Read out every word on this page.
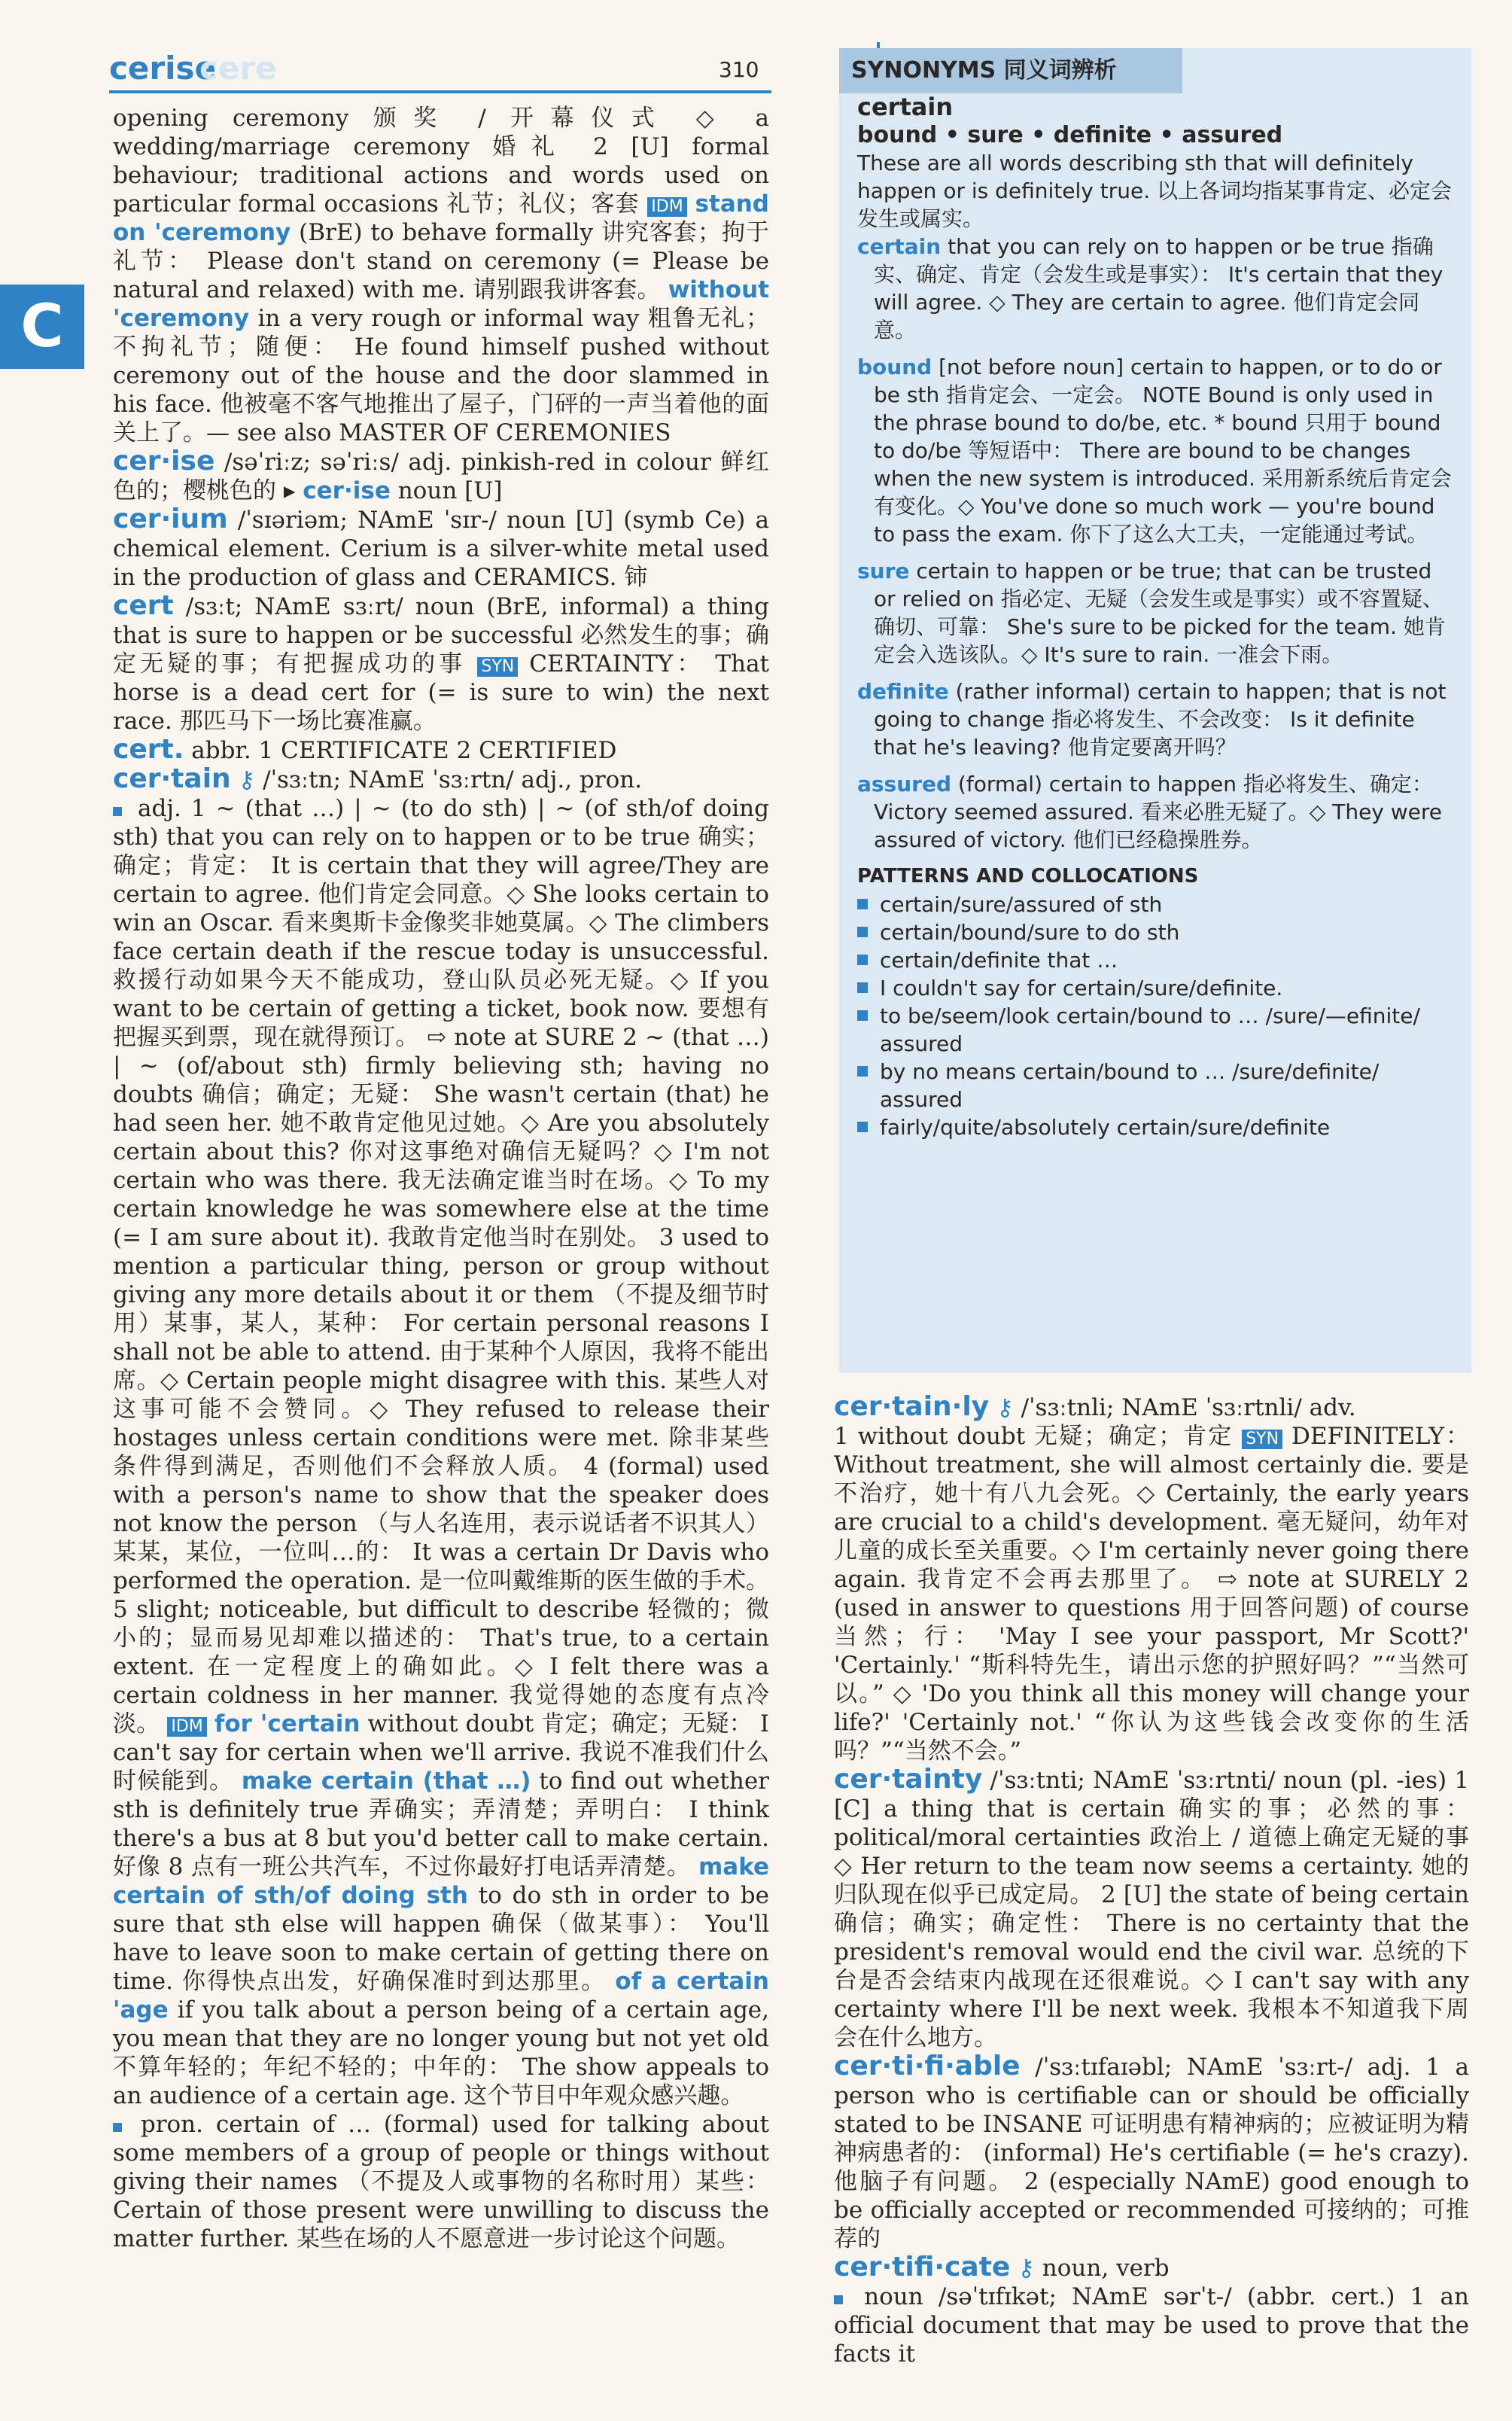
cerise
cere	310
C

opening ceremony 颁奖 / 开幕仪式 ◇ a wedding/marriage ceremony 婚礼 2 [U] formal behaviour; traditional actions and words used on particular formal occasions 礼节；礼仪；客套 IDM stand on 'ceremony (BrE) to behave formally 讲究客套；拘于礼节： Please don't stand on ceremony (= Please be natural and relaxed) with me. 请别跟我讲客套。 without 'ceremony in a very rough or informal way 粗鲁无礼；不拘礼节；随便： He found himself pushed without ceremony out of the house and the door slammed in his face. 他被毫不客气地推出了屋子，门砰的一声当着他的面关上了。— see also MASTER OF CEREMONIES

cer·ise /səˈriːz; səˈriːs/ adj. pinkish-red in colour 鲜红色的；樱桃色的 ▸ cer·ise noun [U]

cer·ium /ˈsɪəriəm; NAmE ˈsɪr-/ noun [U] (symb Ce) a chemical element. Cerium is a silver-white metal used in the production of glass and CERAMICS. 铈

cert /sɜːt; NAmE sɜːrt/ noun (BrE, informal) a thing that is sure to happen or be successful 必然发生的事；确定无疑的事；有把握成功的事 SYN CERTAINTY： That horse is a dead cert for (= is sure to win) the next race. 那匹马下一场比赛准赢。

cert. abbr. 1 CERTIFICATE 2 CERTIFIED

cer·tain ⚷ /ˈsɜːtn; NAmE ˈsɜːrtn/ adj., pron.

adj. 1 ~ (that …) | ~ (to do sth) | ~ (of sth/of doing sth) that you can rely on to happen or to be true 确实；确定；肯定： It is certain that they will agree/They are certain to agree. 他们肯定会同意。◇ She looks certain to win an Oscar. 看来奥斯卡金像奖非她莫属。◇ The climbers face certain death if the rescue today is unsuccessful. 救援行动如果今天不能成功，登山队员必死无疑。◇ If you want to be certain of getting a ticket, book now. 要想有把握买到票，现在就得预订。 ⇨ note at SURE 2 ~ (that …) | ~ (of/about sth) firmly believing sth; having no doubts 确信；确定；无疑： She wasn't certain (that) he had seen her. 她不敢肯定他见过她。◇ Are you absolutely certain about this? 你对这事绝对确信无疑吗？◇ I'm not certain who was there. 我无法确定谁当时在场。◇ To my certain knowledge he was somewhere else at the time (= I am sure about it). 我敢肯定他当时在别处。 3 used to mention a particular thing, person or group without giving any more details about it or them （不提及细节时用）某事，某人，某种： For certain personal reasons I shall not be able to attend. 由于某种个人原因，我将不能出席。◇ Certain people might disagree with this. 某些人对这事可能不会赞同。◇ They refused to release their hostages unless certain conditions were met. 除非某些条件得到满足，否则他们不会释放人质。 4 (formal) used with a person's name to show that the speaker does not know the person （与人名连用，表示说话者不识其人）某某，某位，一位叫…的： It was a certain Dr Davis who performed the operation. 是一位叫戴维斯的医生做的手术。 5 slight; noticeable, but difficult to describe 轻微的；微小的；显而易见却难以描述的： That's true, to a certain extent. 在一定程度上的确如此。◇ I felt there was a certain coldness in her manner. 我觉得她的态度有点冷淡。 IDM for 'certain without doubt 肯定；确定；无疑： I can't say for certain when we'll arrive. 我说不准我们什么时候能到。 make certain (that …) to find out whether sth is definitely true 弄确实；弄清楚；弄明白： I think there's a bus at 8 but you'd better call to make certain. 好像 8 点有一班公共汽车，不过你最好打电话弄清楚。 make certain of sth/of doing sth to do sth in order to be sure that sth else will happen 确保（做某事）： You'll have to leave soon to make certain of getting there on time. 你得快点出发，好确保准时到达那里。 of a certain 'age if you talk about a person being of a certain age, you mean that they are no longer young but not yet old 不算年轻的；年纪不轻的；中年的： The show appeals to an audience of a certain age. 这个节目中年观众感兴趣。

pron. certain of … (formal) used for talking about some members of a group of people or things without giving their names （不提及人或事物的名称时用）某些： Certain of those present were unwilling to discuss the matter further. 某些在场的人不愿意进一步讨论这个问题。

SYNONYMS 同义词辨析

certain

bound • sure • definite • assured

These are all words describing sth that will definitely happen or is definitely true. 以上各词均指某事肯定、必定会发生或属实。

certain that you can rely on to happen or be true 指确实、确定、肯定（会发生或是事实）： It's certain that they will agree. ◇ They are certain to agree. 他们肯定会同意。

bound [not before noun] certain to happen, or to do or be sth 指肯定会、一定会。 NOTE Bound is only used in the phrase bound to do/be, etc. * bound 只用于 bound to do/be 等短语中： There are bound to be changes when the new system is introduced. 采用新系统后肯定会有变化。◇ You've done so much work — you're bound to pass the exam. 你下了这么大工夫，一定能通过考试。

sure certain to happen or be true; that can be trusted or relied on 指必定、无疑（会发生或是事实）或不容置疑、确切、可靠： She's sure to be picked for the team. 她肯定会入选该队。◇ It's sure to rain. 一准会下雨。

definite (rather informal) certain to happen; that is not going to change 指必将发生、不会改变： Is it definite that he's leaving? 他肯定要离开吗？

assured (formal) certain to happen 指必将发生、确定： Victory seemed assured. 看来必胜无疑了。◇ They were assured of victory. 他们已经稳操胜券。

PATTERNS AND COLLOCATIONS

certain/sure/assured of sth

certain/bound/sure to do sth

certain/definite that …

I couldn't say for certain/sure/definite.

to be/seem/look certain/bound to … /sure/—efinite/ assured

by no means certain/bound to … /sure/definite/ assured

fairly/quite/absolutely certain/sure/definite

cer·tain·ly ⚷ /ˈsɜːtnli; NAmE ˈsɜːrtnli/ adv.

1 without doubt 无疑；确定；肯定 SYN DEFINITELY： Without treatment, she will almost certainly die. 要是不治疗，她十有八九会死。◇ Certainly, the early years are crucial to a child's development. 毫无疑问，幼年对儿童的成长至关重要。◇ I'm certainly never going there again. 我肯定不会再去那里了。 ⇨ note at SURELY 2 (used in answer to questions 用于回答问题) of course 当然；行： 'May I see your passport, Mr Scott?' 'Certainly.' “斯科特先生，请出示您的护照好吗？”“当然可以。” ◇ 'Do you think all this money will change your life?' 'Certainly not.' “你认为这些钱会改变你的生活吗？”“当然不会。”

cer·tainty /ˈsɜːtnti; NAmE ˈsɜːrtnti/ noun (pl. -ies) 1 [C] a thing that is certain 确实的事；必然的事： political/moral certainties 政治上 / 道德上确定无疑的事 ◇ Her return to the team now seems a certainty. 她的归队现在似乎已成定局。 2 [U] the state of being certain 确信；确实；确定性： There is no certainty that the president's removal would end the civil war. 总统的下台是否会结束内战现在还很难说。◇ I can't say with any certainty where I'll be next week. 我根本不知道我下周会在什么地方。

cer·ti·fi·able /ˈsɜːtɪfaɪəbl; NAmE ˈsɜːrt-/ adj. 1 a person who is certifiable can or should be officially stated to be INSANE 可证明患有精神病的；应被证明为精神病患者的： (informal) He's certifiable (= he's crazy). 他脑子有问题。 2 (especially NAmE) good enough to be officially accepted or recommended 可接纳的；可推荐的

cer·tifi·cate ⚷ noun, verb

noun /səˈtɪfɪkət; NAmE sərˈt-/ (abbr. cert.) 1 an official document that may be used to prove that the facts it
